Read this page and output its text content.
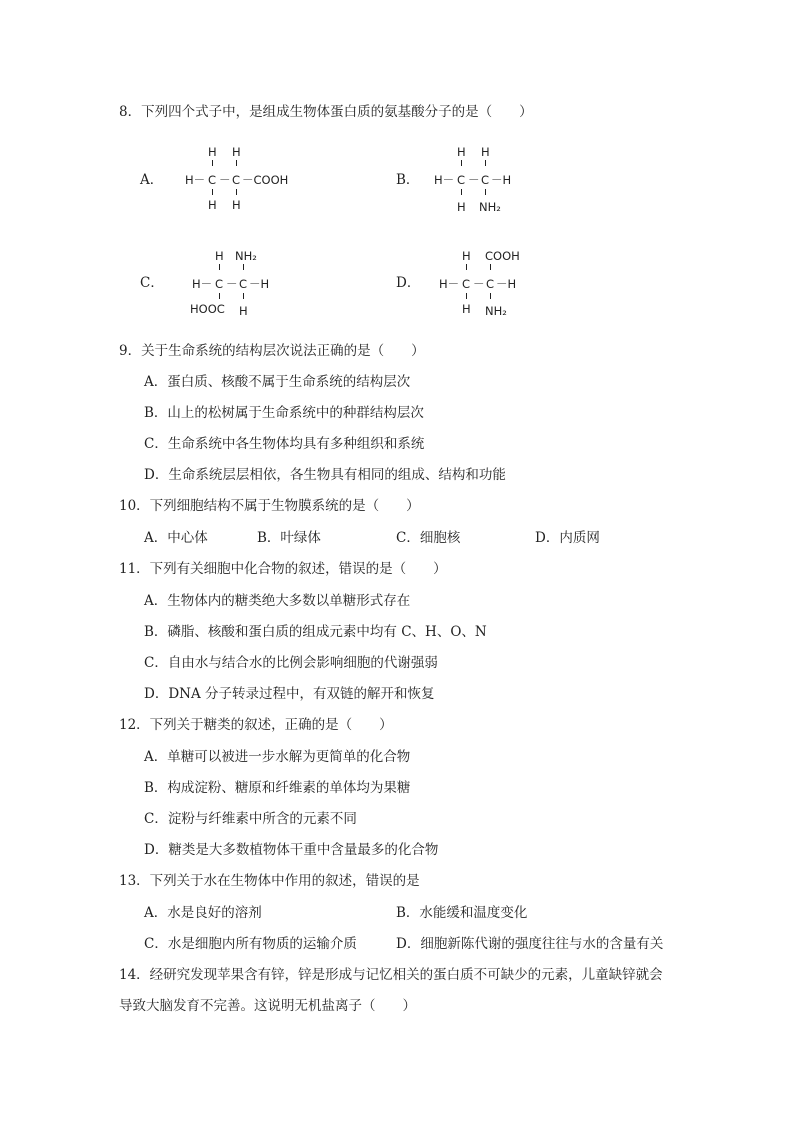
8．下列四个式子中，是组成生物体蛋白质的氨基酸分子的是（　　）
A．
H H
H－ C － C －COOH
H H
B．
H H
H－ C － C －H
H NH₂
C．
H NH₂
H－ C － C －H
HOOC H
D．
H COOH
H－ C － C －H
H NH₂
9．关于生命系统的结构层次说法正确的是（　　）
A．蛋白质、核酸不属于生命系统的结构层次
B．山上的松树属于生命系统中的种群结构层次
C．生命系统中各生物体均具有多种组织和系统
D．生命系统层层相依，各生物具有相同的组成、结构和功能
10．下列细胞结构不属于生物膜系统的是（　　）
A．中心体	B．叶绿体	C．细胞核	D．内质网
11．下列有关细胞中化合物的叙述，错误的是（　　）
A．生物体内的糖类绝大多数以单糖形式存在
B．磷脂、核酸和蛋白质的组成元素中均有 C、H、O、N
C．自由水与结合水的比例会影响细胞的代谢强弱
D．DNA 分子转录过程中，有双链的解开和恢复
12．下列关于糖类的叙述，正确的是（　　）
A．单糖可以被进一步水解为更简单的化合物
B．构成淀粉、糖原和纤维素的单体均为果糖
C．淀粉与纤维素中所含的元素不同
D．糖类是大多数植物体干重中含量最多的化合物
13．下列关于水在生物体中作用的叙述，错误的是
A．水是良好的溶剂	B．水能缓和温度变化
C．水是细胞内所有物质的运输介质	D．细胞新陈代谢的强度往往与水的含量有关
14．经研究发现苹果含有锌，锌是形成与记忆相关的蛋白质不可缺少的元素，儿童缺锌就会
导致大脑发育不完善。这说明无机盐离子（　　）
